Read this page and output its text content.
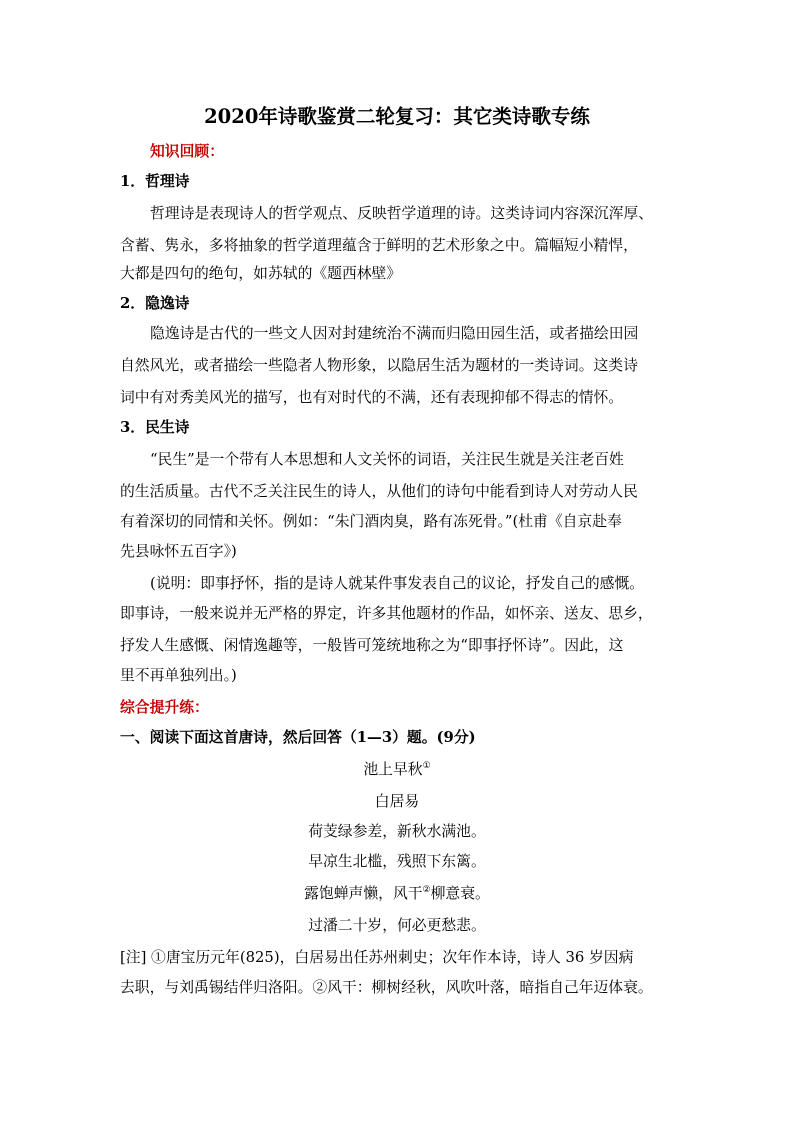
2020年诗歌鉴赏二轮复习：其它类诗歌专练
知识回顾：
1．哲理诗
哲理诗是表现诗人的哲学观点、反映哲学道理的诗。这类诗词内容深沉浑厚、
含蓄、隽永，多将抽象的哲学道理蕴含于鲜明的艺术形象之中。篇幅短小精悍，
大都是四句的绝句，如苏轼的《题西林壁》
2．隐逸诗
隐逸诗是古代的一些文人因对封建统治不满而归隐田园生活，或者描绘田园
自然风光，或者描绘一些隐者人物形象，以隐居生活为题材的一类诗词。这类诗
词中有对秀美风光的描写，也有对时代的不满，还有表现抑郁不得志的情怀。
3．民生诗
“民生”是一个带有人本思想和人文关怀的词语，关注民生就是关注老百姓
的生活质量。古代不乏关注民生的诗人，从他们的诗句中能看到诗人对劳动人民
有着深切的同情和关怀。例如：“朱门酒肉臭，路有冻死骨。”(杜甫《自京赴奉
先县咏怀五百字》)
(说明：即事抒怀，指的是诗人就某件事发表自己的议论，抒发自己的感慨。
即事诗，一般来说并无严格的界定，许多其他题材的作品，如怀亲、送友、思乡，
抒发人生感慨、闲情逸趣等，一般皆可笼统地称之为“即事抒怀诗”。因此，这
里不再单独列出。)
综合提升练：
一、阅读下面这首唐诗，然后回答（1—3）题。(9分)
池上早秋①
白居易
荷芰绿参差，新秋水满池。
早凉生北槛，残照下东篱。
露饱蝉声懒，风干②柳意衰。
过潘二十岁，何必更愁悲。
[注] ①唐宝历元年(825)，白居易出任苏州刺史；次年作本诗，诗人 36 岁因病
去职，与刘禹锡结伴归洛阳。②风干：柳树经秋，风吹叶落，暗指自己年迈体衰。
